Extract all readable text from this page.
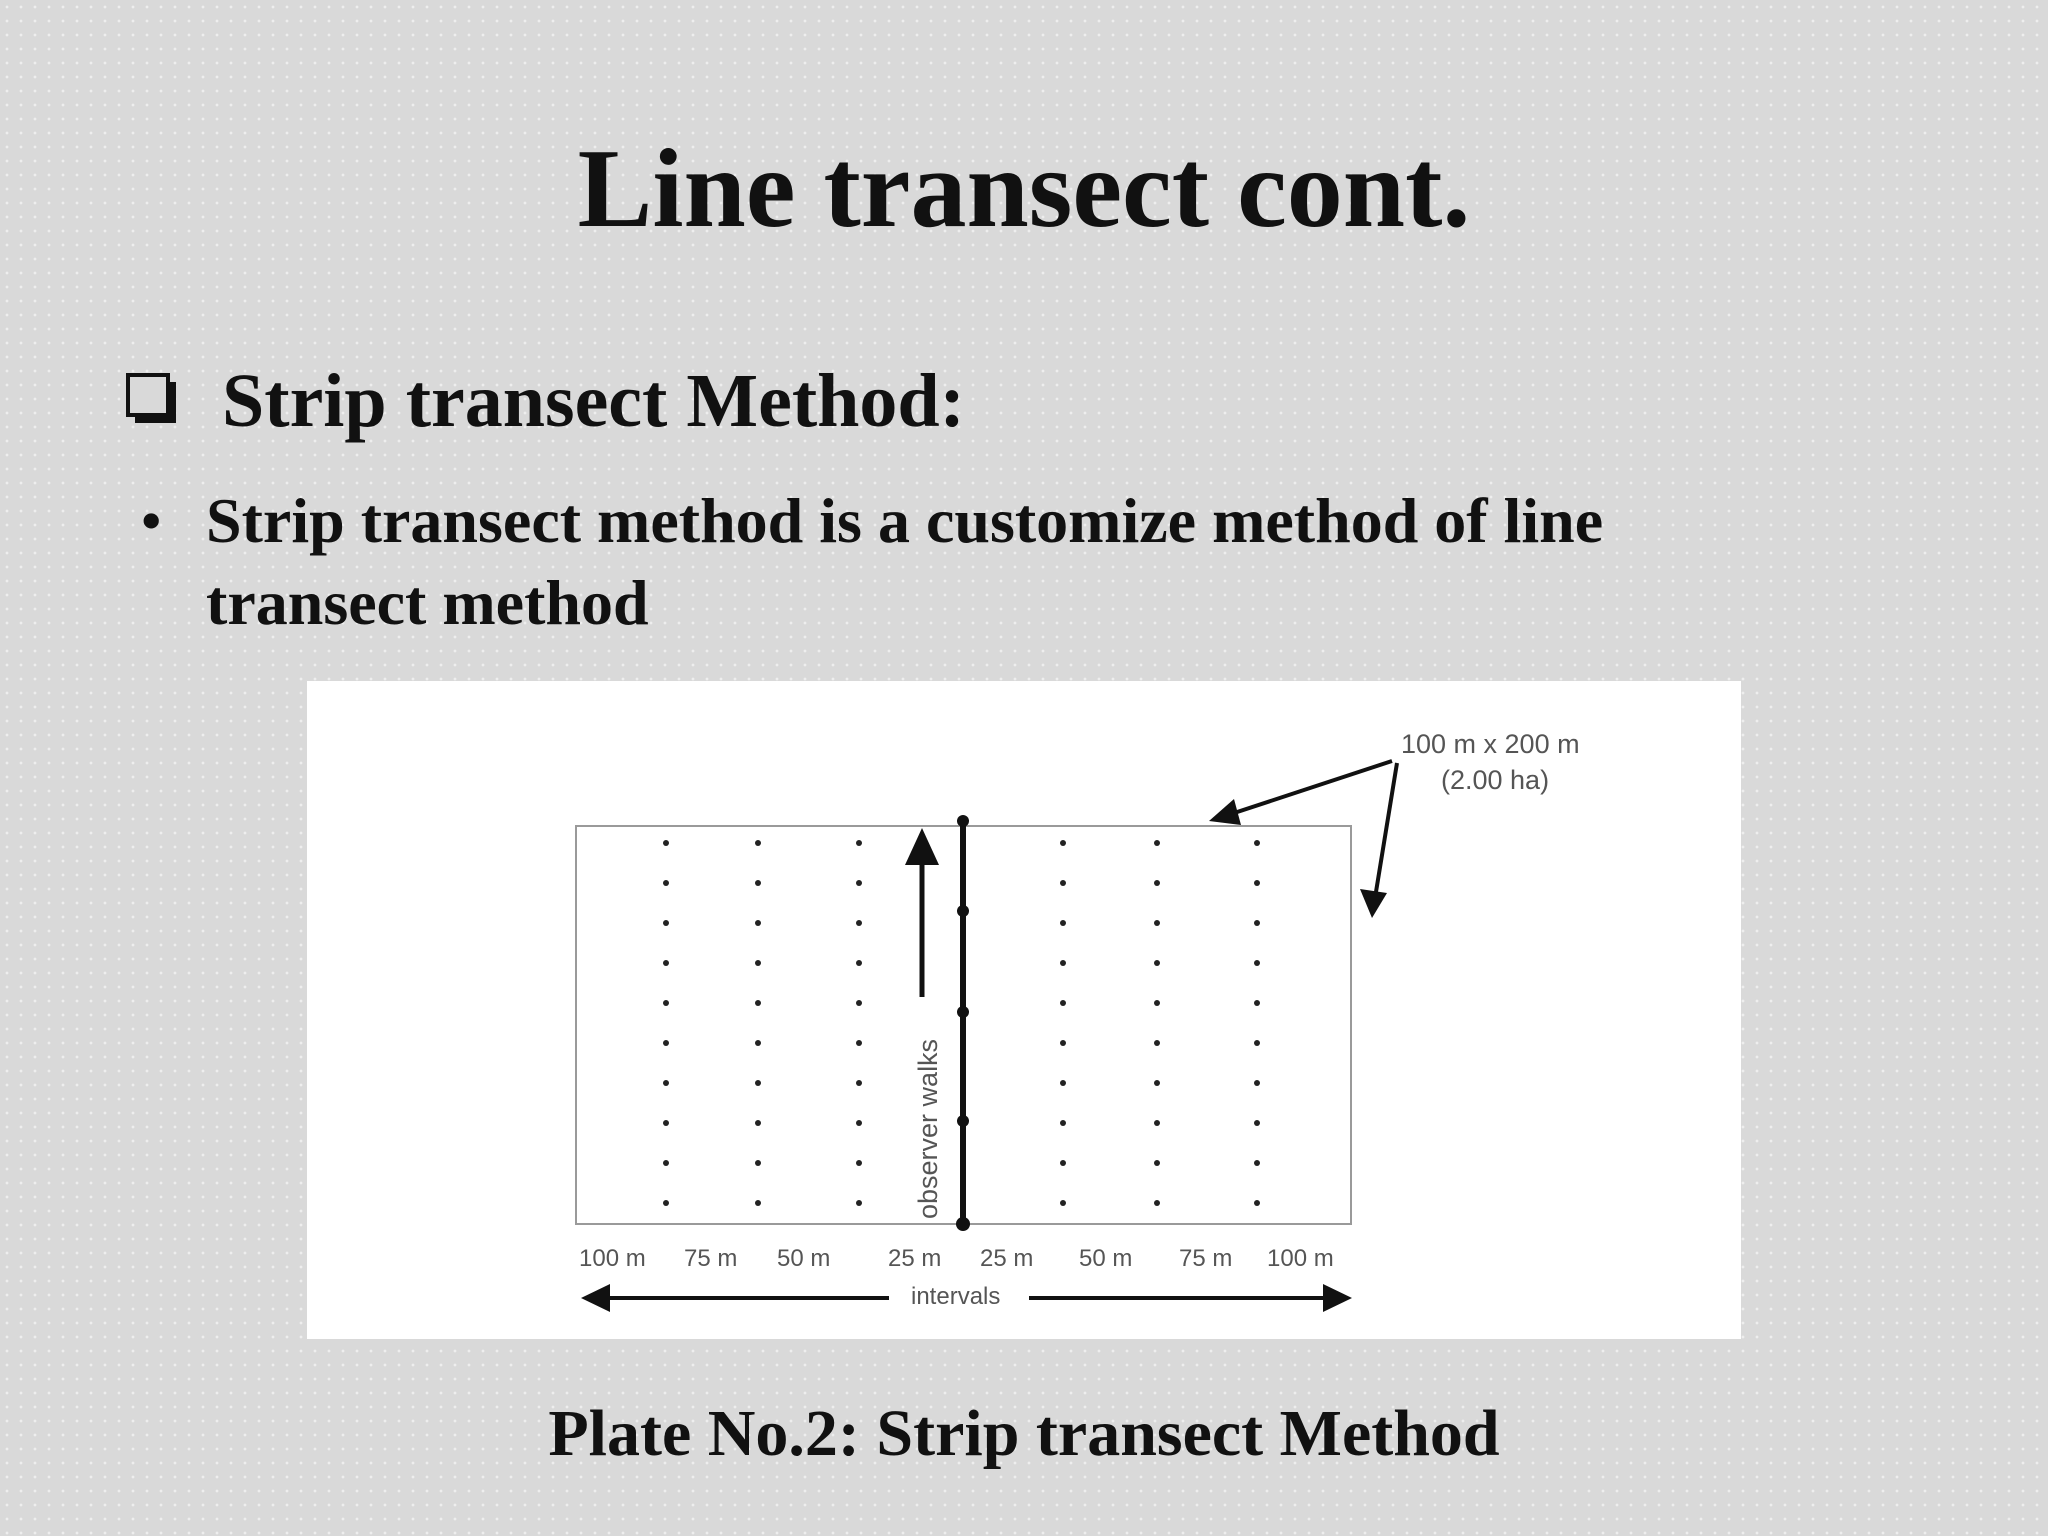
Line transect cont.
Strip transect Method:
• Strip transect method is a customize method of line transect method
observer walks
100 m x 200 m
(2.00 ha)
100 m 75 m 50 m 25 m 25 m 50 m 75 m 100 m
intervals
Plate No.2: Strip transect Method
